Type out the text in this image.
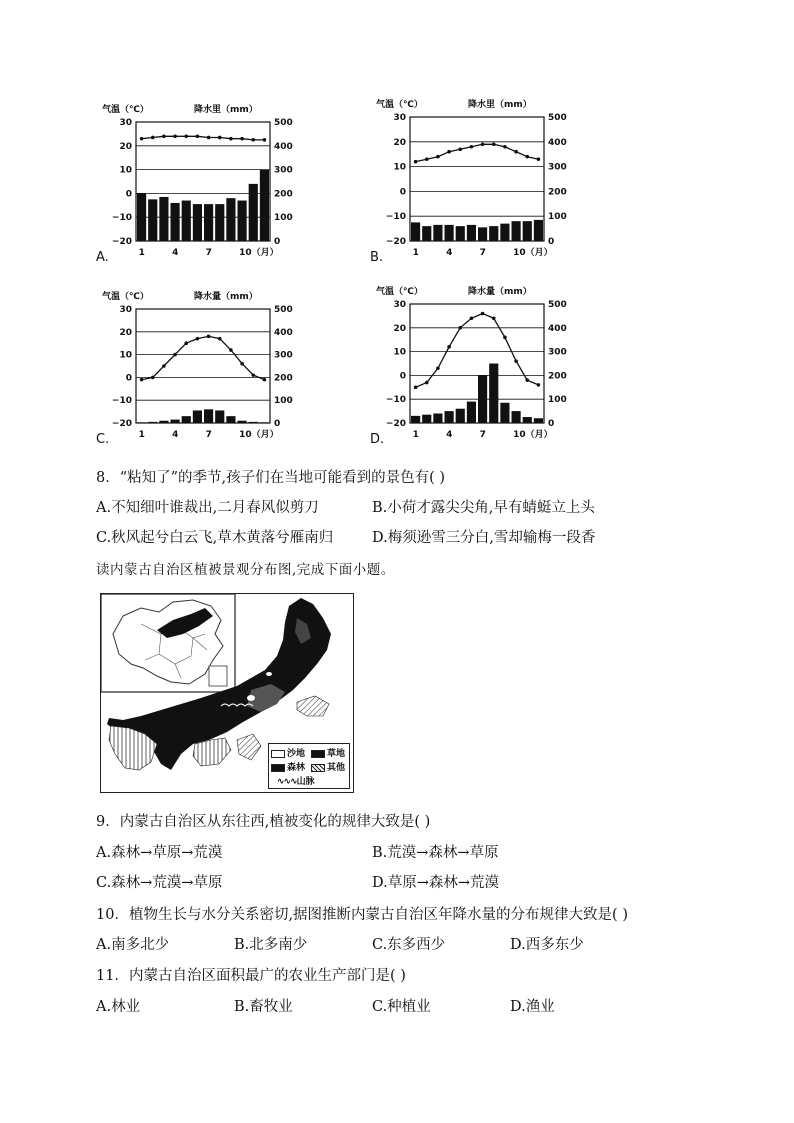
气温（℃）	降水里（mm）
30	500
20	400
10	300
0	200
−10	100
−20	0
1	4	7	10（月）
A.
气温（℃）	降水里（mm）
30	500
20	400
10	300
0	200
−10	100
−20	0
1	4	7	10（月）
B.
气温（℃）	降水量（mm）
30	500
20	400
10	300
0	200
−10	100
−20	0
1	4	7	10（月）
C.
气温（℃）	降水量（mm）
30	500
20	400
10	300
0	200
−10	100
−20	0
1	4	7	10（月）
D.
8．“粘知了”的季节,孩子们在当地可能看到的景色有( )
A.不知细叶谁裁出,二月春风似剪刀	B.小荷才露尖尖角,早有蜻蜓立上头
C.秋风起兮白云飞,草木黄落兮雁南归	D.梅须逊雪三分白,雪却输梅一段香
读内蒙古自治区植被景观分布图,完成下面小题。
沙地	草地
森林	其他
∿∿∿山脉
9．内蒙古自治区从东往西,植被变化的规律大致是( )
A.森林→草原→荒漠	B.荒漠→森林→草原
C.森林→荒漠→草原	D.草原→森林→荒漠
10．植物生长与水分关系密切,据图推断内蒙古自治区年降水量的分布规律大致是( )
A.南多北少	B.北多南少	C.东多西少	D.西多东少
11．内蒙古自治区面积最广的农业生产部门是( )
A.林业	B.畜牧业	C.种植业	D.渔业
